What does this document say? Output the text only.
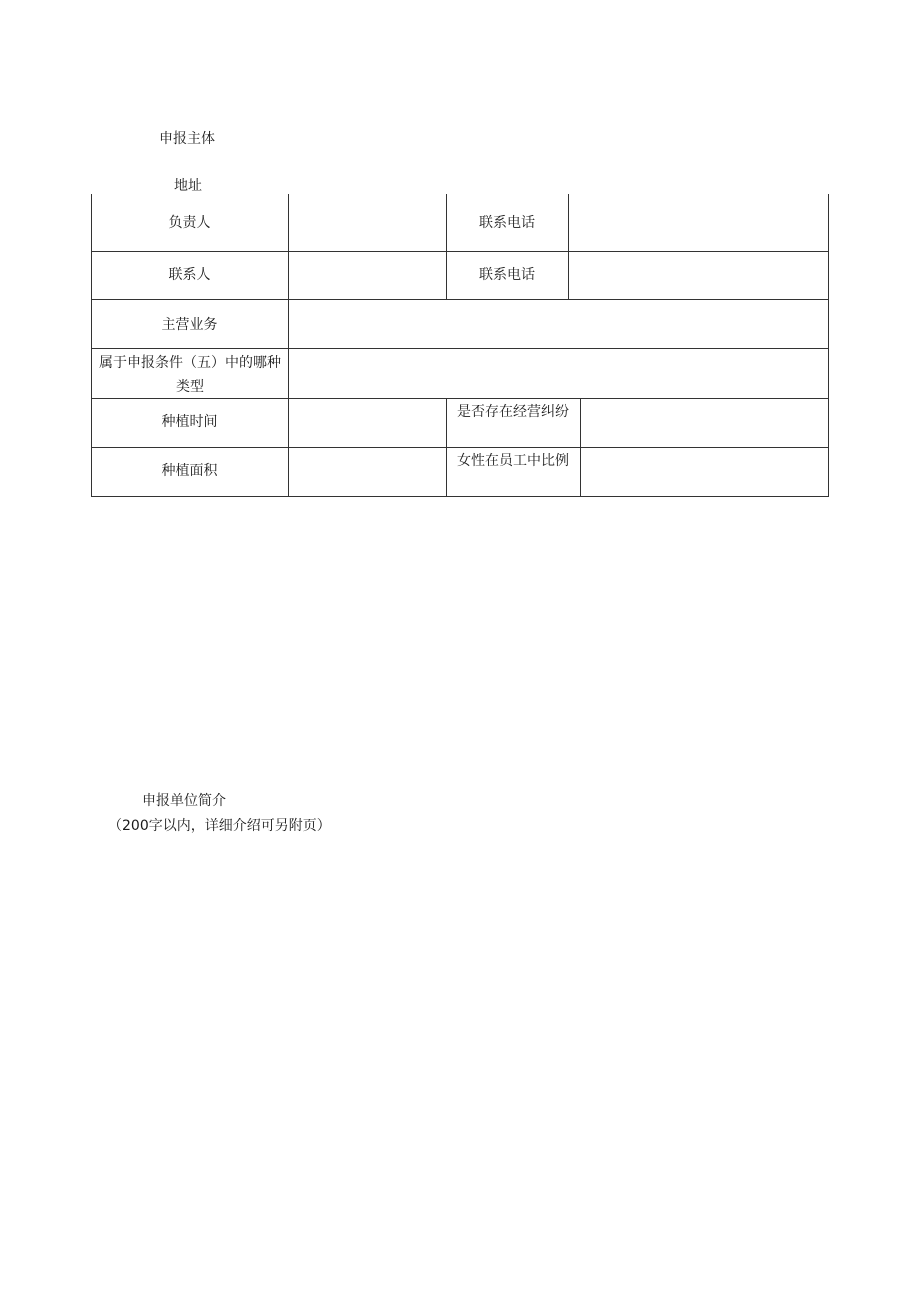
申报主体
地址
负责人	联系电话
联系人	联系电话
主营业务
属于申报条件（五）中的哪种类型
种植时间
是否存在经营纠纷
种植面积
女性在员工中比例
申报单位简介
（200字以内，详细介绍可另附页）
